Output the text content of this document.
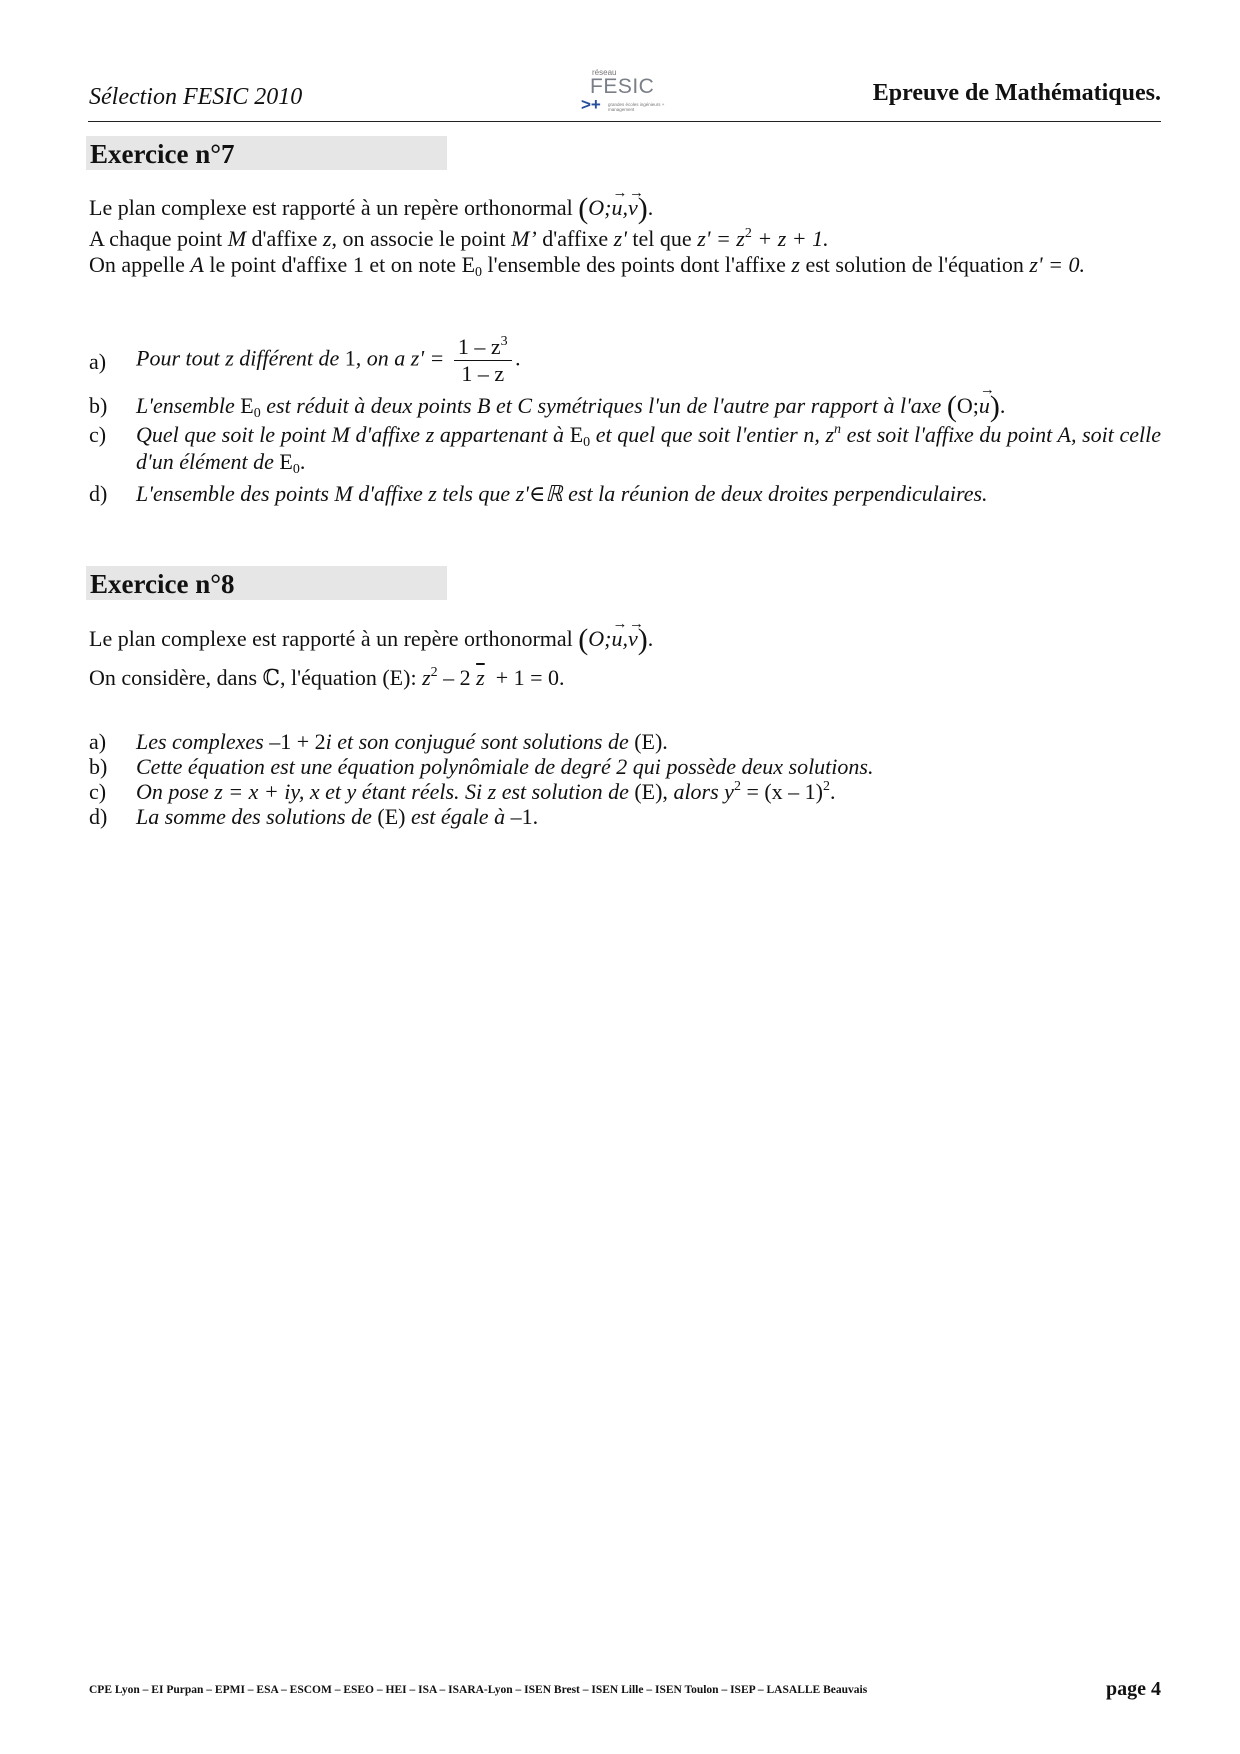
Sélection FESIC 2010
réseau
FESIC
>+ grandes écoles ingénieurs + management
Epreuve de Mathématiques.
Exercice n°7
Le plan complexe est rapporté à un repère orthonormal (O;u
→
,v
→
).
A chaque point M d'affixe z, on associe le point M’ d'affixe z' tel que $z' = z^2 + z + 1$.
On appelle A le point d'affixe 1 et on note $E_0$ l'ensemble des points dont l'affixe z est solution de l'équation z' = 0.
a) Pour tout z différent de 1, on a $z' = \frac{1 - z^3}{1 - z}$ .
b) L'ensemble $E_0$ est réduit à deux points B et C symétriques l'un de l'autre par rapport à l'axe (O;u
→
).
c) Quel que soit le point M d'affixe z appartenant à $E_0$ et quel que soit l'entier n, $z^n$ est soit l'affixe du point A, soit celle d'un élément de $E_0$.
d) L'ensemble des points M d'affixe z tels que z'∈ℝ est la réunion de deux droites perpendiculaires.
Exercice n°8
Le plan complexe est rapporté à un repère orthonormal (O;u
→
,v
→
).
On considère, dans ℂ, l'équation (E): $z^2 - 2$ $\overline{z} + 1 = 0$.
a) Les complexes –1 + 2i et son conjugué sont solutions de (E).
b) Cette équation est une équation polynômiale de degré 2 qui possède deux solutions.
c) On pose z = x + iy, x et y étant réels. Si z est solution de (E), alors $y^2 = (x - 1)^2$.
d) La somme des solutions de (E) est égale à –1.
CPE Lyon – EI Purpan – EPMI – ESA – ESCOM – ESEO – HEI – ISA – ISARA-Lyon – ISEN Brest – ISEN Lille – ISEN Toulon – ISEP – LASALLE Beauvais	page 4
